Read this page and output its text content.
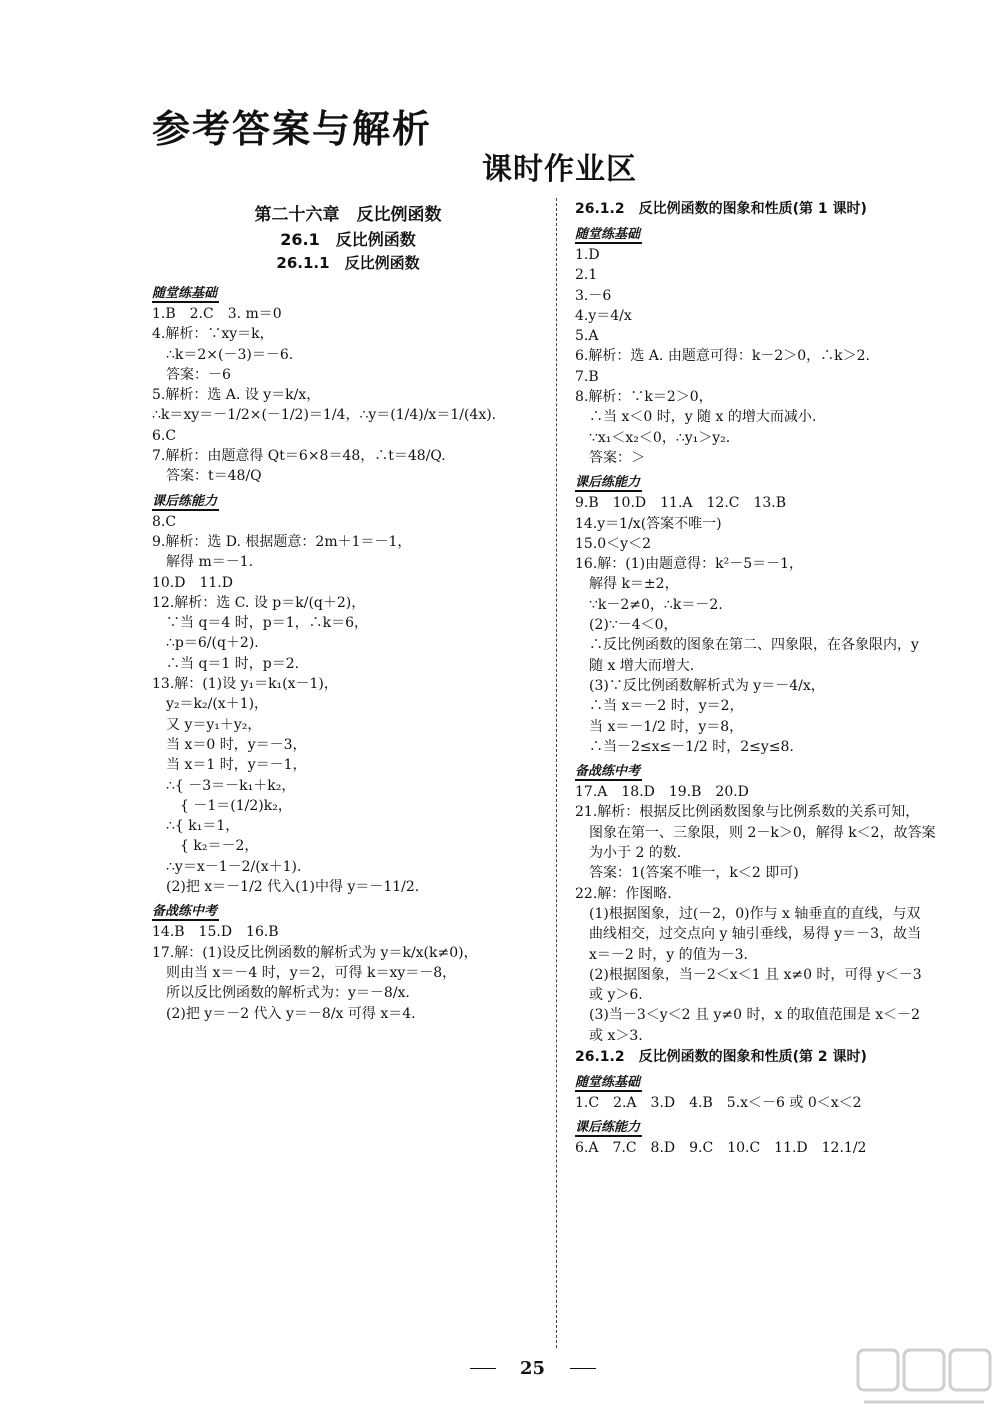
参考答案与解析
课时作业区
第二十六章　反比例函数
26.1　反比例函数
26.1.1　反比例函数
随堂练基础
1.B　2.C　3. m＝0
4.解析：∵xy＝k，
∴k＝2×(－3)＝－6.
答案：－6
5.解析：选 A. 设 y＝k/x，
∴k＝xy＝－1/2×(－1/2)＝1/4，∴y＝(1/4)/x＝1/(4x).
6.C
7.解析：由题意得 Qt＝6×8＝48，∴t＝48/Q.
答案：t＝48/Q
课后练能力
8.C
9.解析：选 D. 根据题意：2m＋1＝－1，
解得 m＝－1.
10.D　11.D
12.解析：选 C. 设 p＝k/(q＋2)，
∵当 q＝4 时，p＝1，∴k＝6，
∴p＝6/(q＋2).
∴当 q＝1 时，p＝2.
13.解：(1)设 y₁＝k₁(x－1)，
y₂＝k₂/(x＋1)，
又 y＝y₁＋y₂，
当 x＝0 时，y＝－3，
当 x＝1 时，y＝－1，
∴{ －3＝－k₁＋k₂，
　{ －1＝(1/2)k₂，
∴{ k₁＝1，
　{ k₂＝－2，
∴y＝x－1－2/(x＋1).
(2)把 x＝－1/2 代入(1)中得 y＝－11/2.
备战练中考
14.B　15.D　16.B
17.解：(1)设反比例函数的解析式为 y＝k/x(k≠0)，
则由当 x＝－4 时，y＝2，可得 k＝xy＝－8，
所以反比例函数的解析式为：y＝－8/x.
(2)把 y＝－2 代入 y＝－8/x 可得 x＝4.
26.1.2　反比例函数的图象和性质(第 1 课时)
随堂练基础
1.D
2.1
3.－6
4.y＝4/x
5.A
6.解析：选 A. 由题意可得：k－2＞0，∴k＞2.
7.B
8.解析：∵k＝2＞0，
∴当 x＜0 时，y 随 x 的增大而减小.
∵x₁＜x₂＜0，∴y₁＞y₂.
答案：＞
课后练能力
9.B　10.D　11.A　12.C　13.B
14.y＝1/x(答案不唯一)
15.0＜y＜2
16.解：(1)由题意得：k²－5＝－1，
解得 k＝±2，
∵k－2≠0，∴k＝－2.
(2)∵－4＜0，
∴反比例函数的图象在第二、四象限，在各象限内，y
随 x 增大而增大.
(3)∵反比例函数解析式为 y＝－4/x，
∴当 x＝－2 时，y＝2，
当 x＝－1/2 时，y＝8，
∴当－2≤x≤－1/2 时，2≤y≤8.
备战练中考
17.A　18.D　19.B　20.D
21.解析：根据反比例函数图象与比例系数的关系可知，
图象在第一、三象限，则 2－k＞0，解得 k＜2，故答案
为小于 2 的数.
答案：1(答案不唯一，k＜2 即可)
22.解：作图略.
(1)根据图象，过(－2，0)作与 x 轴垂直的直线，与双
曲线相交，过交点向 y 轴引垂线，易得 y＝－3，故当
x＝－2 时，y 的值为－3.
(2)根据图象，当－2＜x＜1 且 x≠0 时，可得 y＜－3
或 y＞6.
(3)当－3＜y＜2 且 y≠0 时，x 的取值范围是 x＜－2
或 x＞3.
26.1.2　反比例函数的图象和性质(第 2 课时)
随堂练基础
1.C　2.A　3.D　4.B　5.x＜－6 或 0＜x＜2
课后练能力
6.A　7.C　8.D　9.C　10.C　11.D　12.1/2
25
